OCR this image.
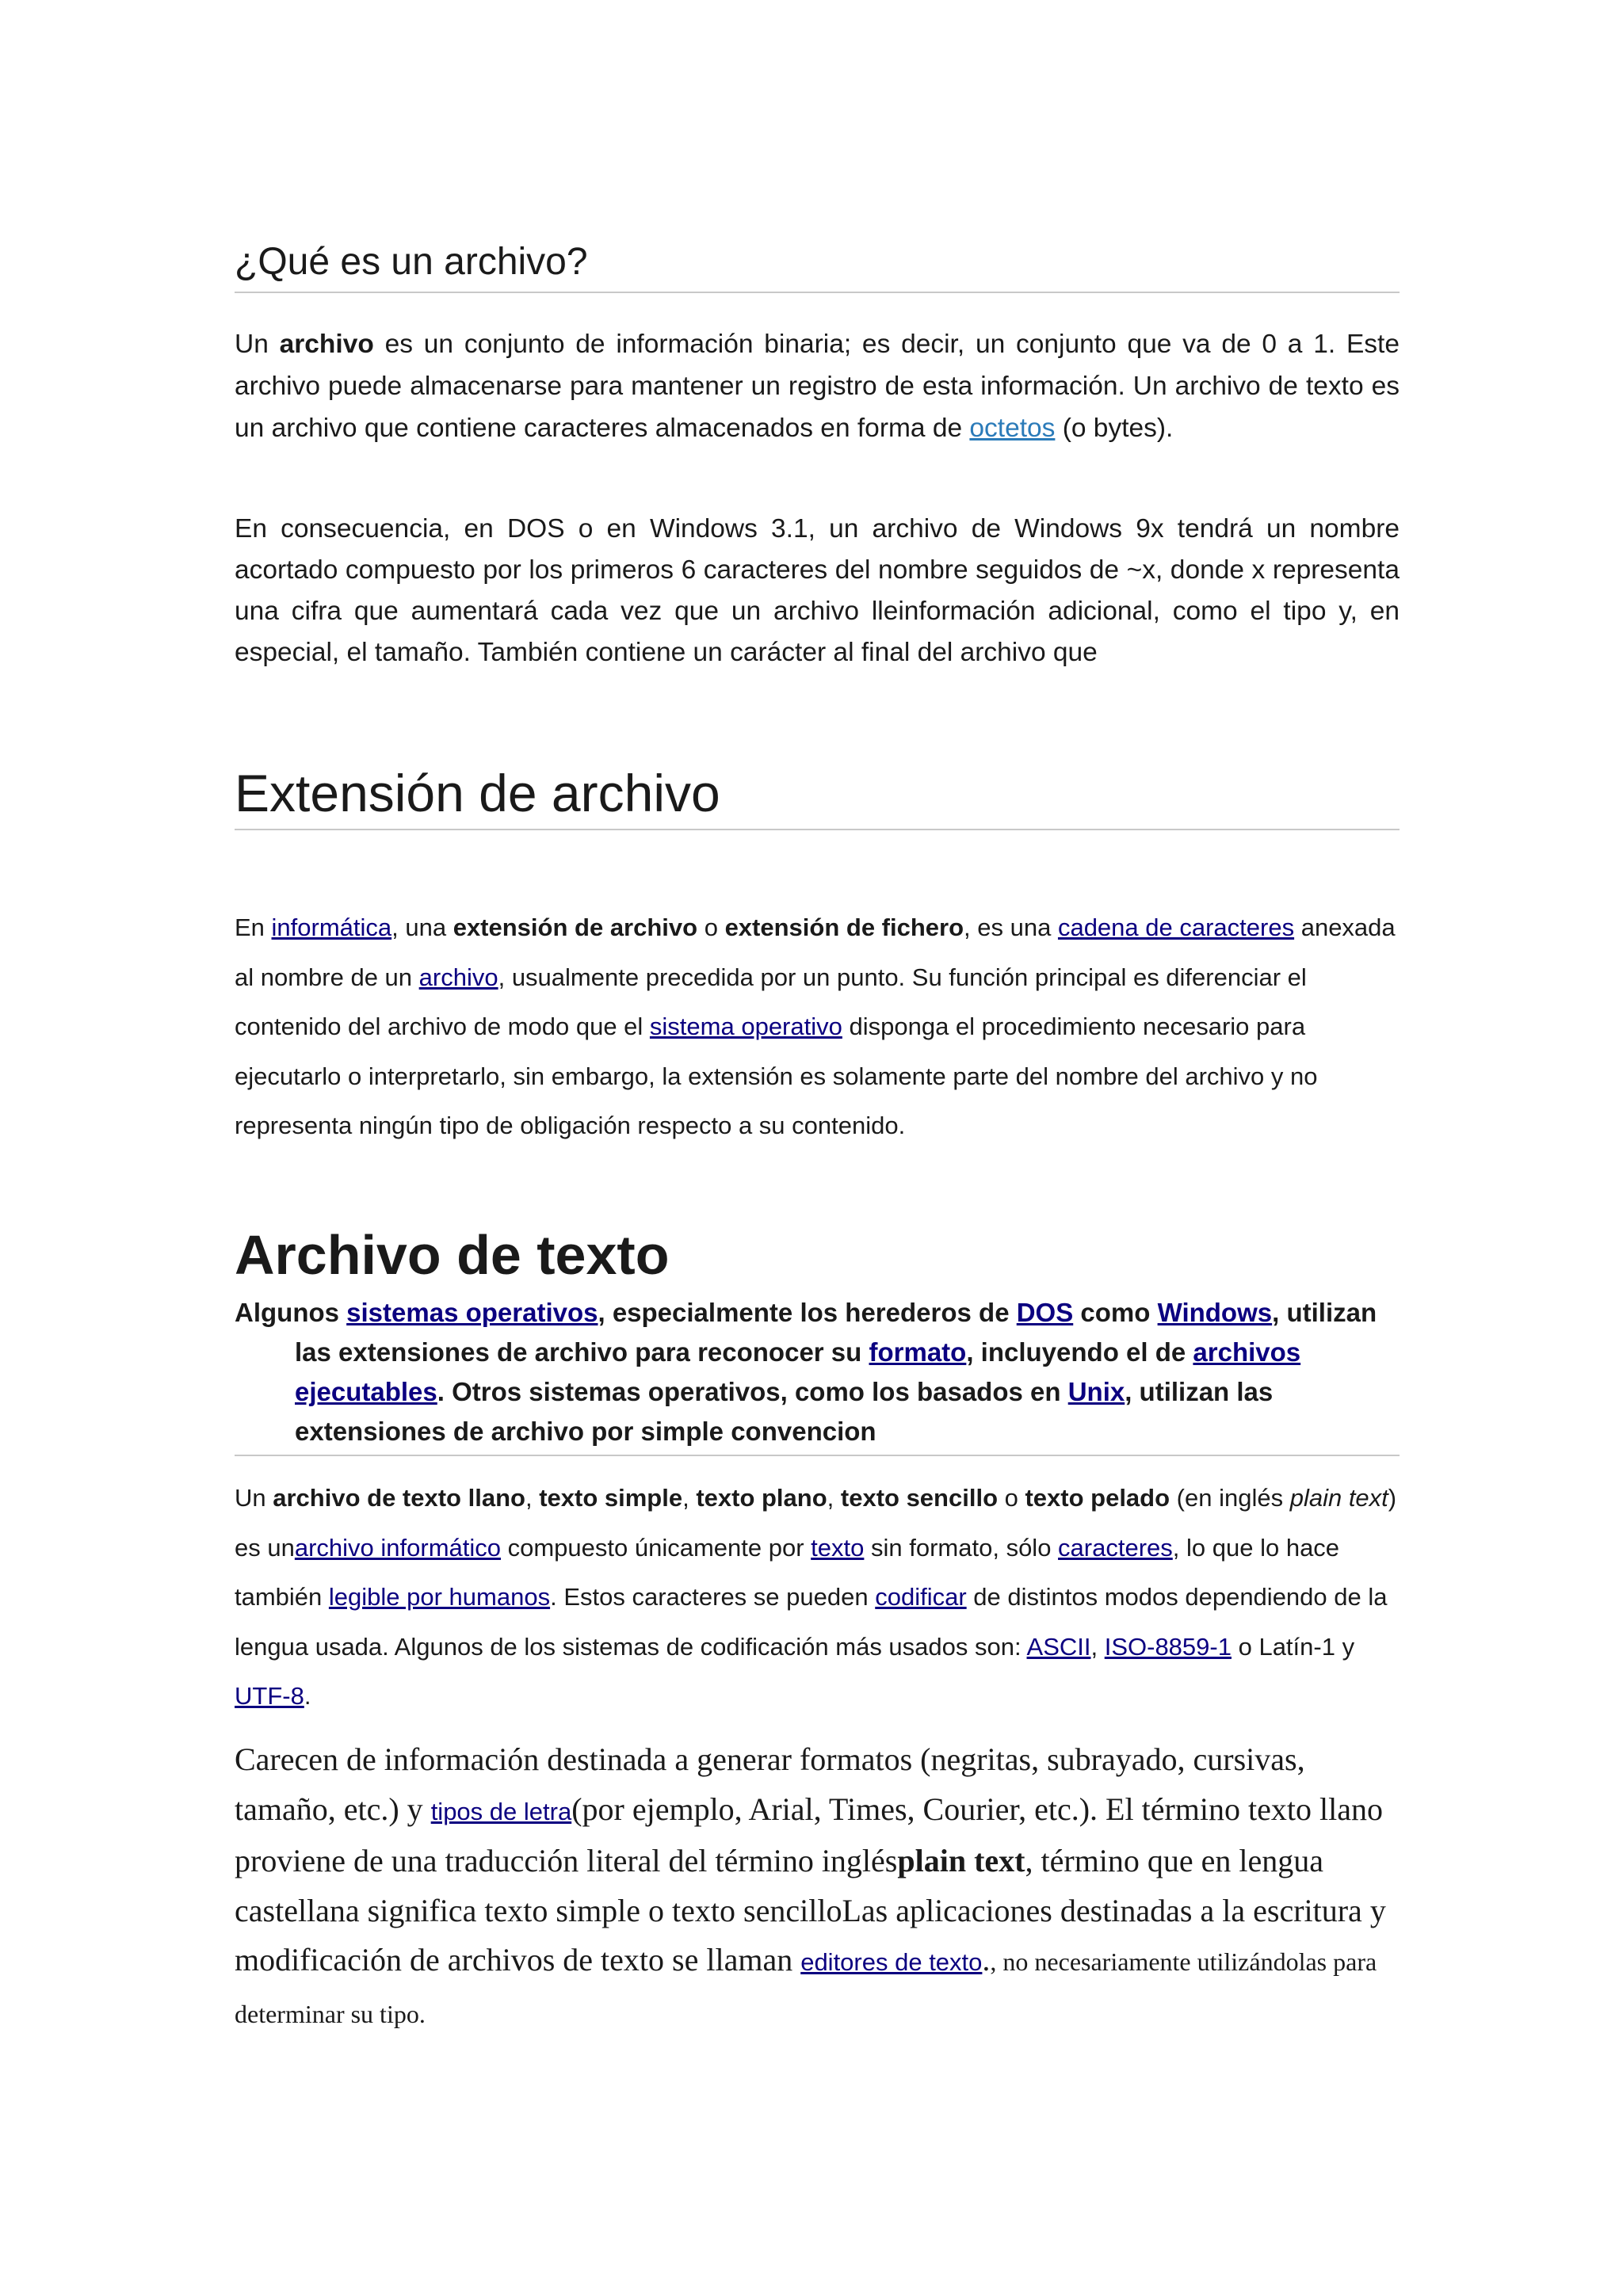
¿Qué es un archivo?

Un archivo es un conjunto de información binaria; es decir, un conjunto que va de 0 a 1. Este archivo puede almacenarse para mantener un registro de esta información. Un archivo de texto es un archivo que contiene caracteres almacenados en forma de octetos (o bytes).

En consecuencia, en DOS o en Windows 3.1, un archivo de Windows 9x tendrá un nombre acortado compuesto por los primeros 6 caracteres del nombre seguidos de ~x, donde x representa una cifra que aumentará cada vez que un archivo lleinformación adicional, como el tipo y, en especial, el tamaño. También contiene un carácter al final del archivo que

Extensión de archivo

En informática, una extensión de archivo o extensión de fichero, es una cadena de caracteres anexada al nombre de un archivo, usualmente precedida por un punto. Su función principal es diferenciar el contenido del archivo de modo que el sistema operativo disponga el procedimiento necesario para ejecutarlo o interpretarlo, sin embargo, la extensión es solamente parte del nombre del archivo y no representa ningún tipo de obligación respecto a su contenido.

Archivo de texto

Algunos sistemas operativos, especialmente los herederos de DOS como Windows, utilizan las extensiones de archivo para reconocer su formato, incluyendo el de archivos ejecutables. Otros sistemas operativos, como los basados en Unix, utilizan las extensiones de archivo por simple convencion

Un archivo de texto llano, texto simple, texto plano, texto sencillo o texto pelado (en inglés plain text) es unarchivo informático compuesto únicamente por texto sin formato, sólo caracteres, lo que lo hace también legible por humanos. Estos caracteres se pueden codificar de distintos modos dependiendo de la lengua usada. Algunos de los sistemas de codificación más usados son: ASCII, ISO-8859-1 o Latín-1 y UTF-8.

Carecen de información destinada a generar formatos (negritas, subrayado, cursivas, tamaño, etc.) y tipos de letra(por ejemplo, Arial, Times, Courier, etc.). El término texto llano proviene de una traducción literal del término inglésplain text, término que en lengua castellana significa texto simple o texto sencilloLas aplicaciones destinadas a la escritura y modificación de archivos de texto se llaman editores de texto., no necesariamente utilizándolas para determinar su tipo.
